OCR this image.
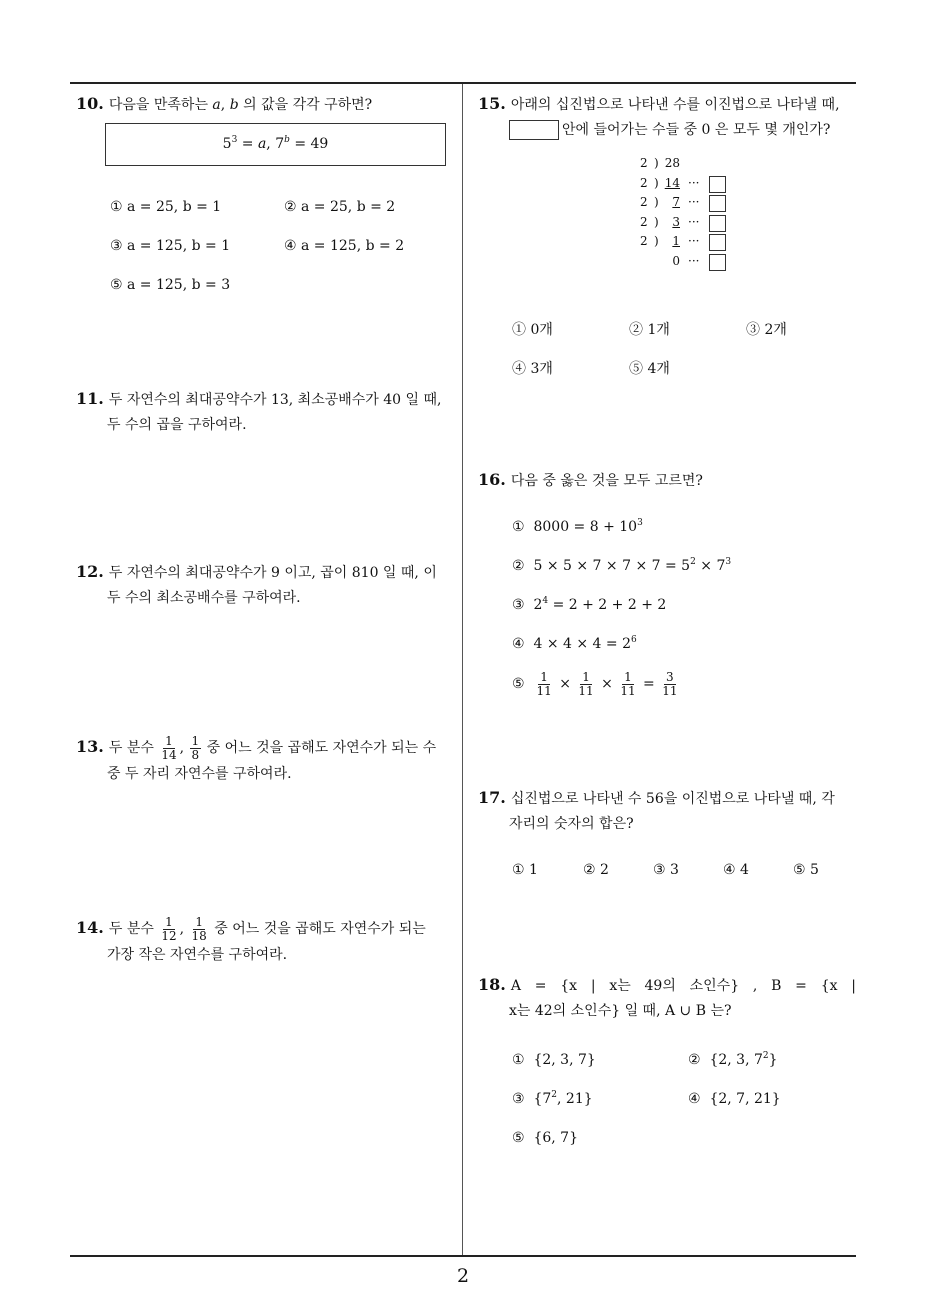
10. 다음을 만족하는 a, b 의 값을 각각 구하면?
$5^3 = a$, $7^b = 49$
① a = 25, b = 1	② a = 25, b = 2
③ a = 125, b = 1	④ a = 125, b = 2
⑤ a = 125, b = 3
11. 두 자연수의 최대공약수가 13, 최소공배수가 40 일 때,
두 수의 곱을 구하여라.
12. 두 자연수의 최대공약수가 9 이고, 곱이 810 일 때, 이
두 수의 최소공배수를 구하여라.
13. 두 분수 $\frac{1}{14}$ , $\frac{1}{8}$ 중 어느 것을 곱해도 자연수가 되는 수
중 두 자리 자연수를 구하여라.
14. 두 분수 $\frac{1}{12}$ , $\frac{1}{18}$ 중 어느 것을 곱해도 자연수가 되는
가장 작은 자연수를 구하여라.
15. 아래의 십진법으로 나타낸 수를 이진법으로 나타낼 때,
안에 들어가는 수들 중 0 은 모두 몇 개인가?
2 ) 28
2 ) 14 ···
2 ) 7 ···
2 ) 3 ···
2 ) 1 ···
0 ···
① 0개	② 1개	③ 2개
④ 3개	⑤ 4개
16. 다음 중 옳은 것을 모두 고르면?
① $8000 = 8 + 10^3$
② $5 \times 5 \times 7 \times 7 \times 7 = 5^2 \times 7^3$
③ $2^4 = 2 + 2 + 2 + 2$
④ $4 \times 4 \times 4 = 2^6$
⑤ $\frac{1}{11} \times \frac{1}{11} \times \frac{1}{11} = \frac{3}{11}$
17. 십진법으로 나타낸 수 56을 이진법으로 나타낼 때, 각
자리의 숫자의 합은?
① 1	② 2	③ 3	④ 4	⑤ 5
18. A = {x | x는 49의 소인수} , B = {x |
x는 42의 소인수} 일 때, A ∪ B 는?
① {2, 3, 7}	② {2, 3, $7^2$}
③ {$7^2$, 21}	④ {2, 7, 21}
⑤ {6, 7}
2
